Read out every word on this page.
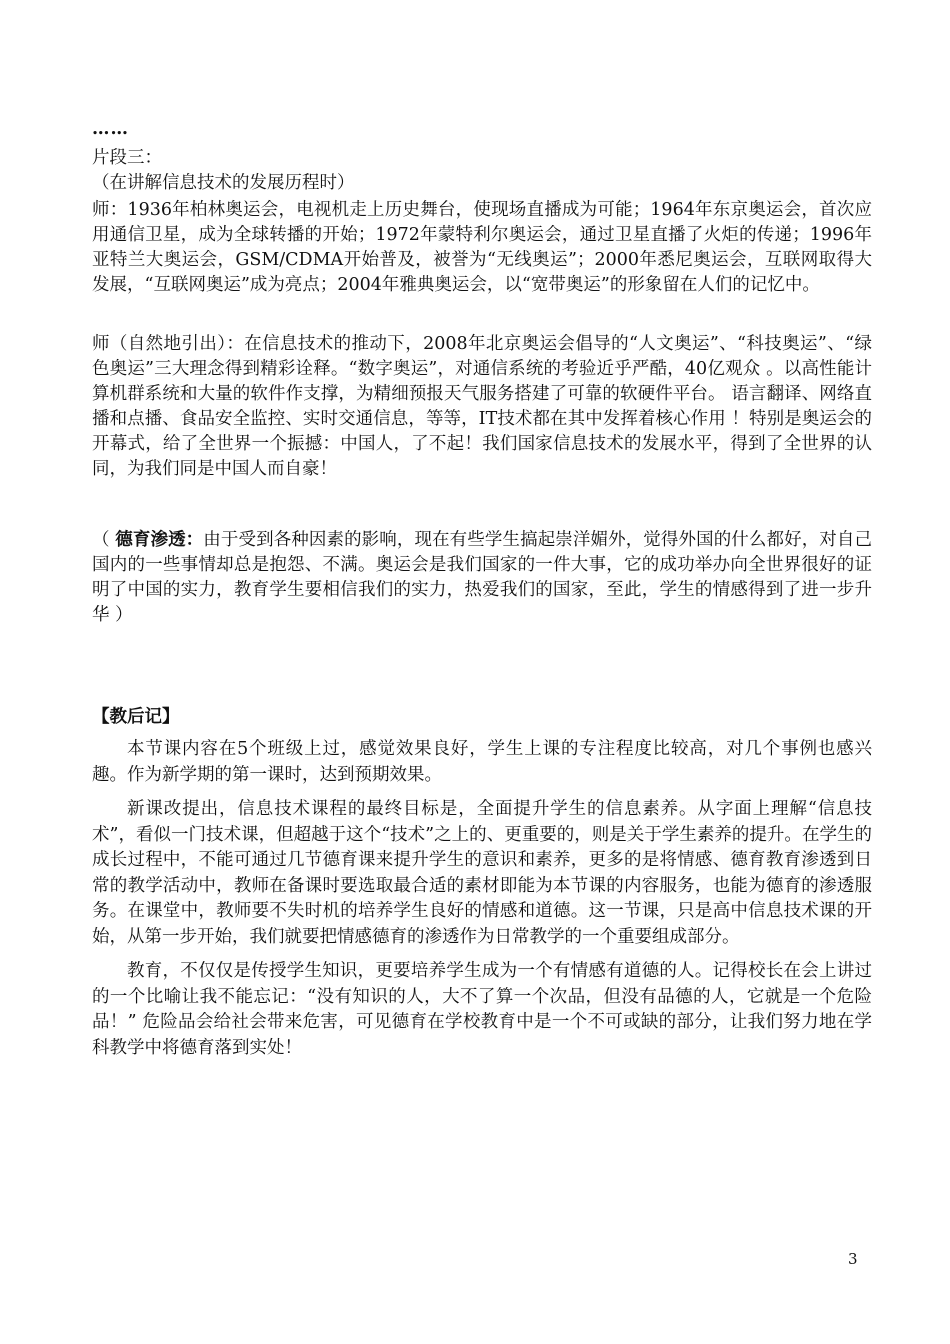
……

片段三：

（在讲解信息技术的发展历程时）

师：1936年柏林奥运会，电视机走上历史舞台，使现场直播成为可能；1964年东京奥运会，首次应用通信卫星，成为全球转播的开始；1972年蒙特利尔奥运会，通过卫星直播了火炬的传递；1996年亚特兰大奥运会，GSM/CDMA开始普及，被誉为“无线奥运”；2000年悉尼奥运会，互联网取得大发展，“互联网奥运”成为亮点；2004年雅典奥运会，以“宽带奥运”的形象留在人们的记忆中。

师（自然地引出）：在信息技术的推动下，2008年北京奥运会倡导的“人文奥运”、“科技奥运”、“绿色奥运”三大理念得到精彩诠释。“数字奥运”，对通信系统的考验近乎严酷，40亿观众 。以高性能计算机群系统和大量的软件作支撑，为精细预报天气服务搭建了可靠的软硬件平台。 语言翻译、网络直播和点播、食品安全监控、实时交通信息，等等，IT技术都在其中发挥着核心作用 ！特别是奥运会的开幕式，给了全世界一个振撼：中国人，了不起！我们国家信息技术的发展水平，得到了全世界的认同，为我们同是中国人而自豪！

（ 德育渗透：由于受到各种因素的影响，现在有些学生搞起崇洋媚外，觉得外国的什么都好，对自己国内的一些事情却总是抱怨、不满。奥运会是我们国家的一件大事，它的成功举办向全世界很好的证明了中国的实力，教育学生要相信我们的实力，热爱我们的国家，至此，学生的情感得到了进一步升华 ）

【教后记】

本节课内容在5个班级上过，感觉效果良好，学生上课的专注程度比较高，对几个事例也感兴趣。作为新学期的第一课时，达到预期效果。

新课改提出，信息技术课程的最终目标是，全面提升学生的信息素养。从字面上理解“信息技术”，看似一门技术课，但超越于这个“技术”之上的、更重要的，则是关于学生素养的提升。在学生的成长过程中，不能可通过几节德育课来提升学生的意识和素养，更多的是将情感、德育教育渗透到日常的教学活动中，教师在备课时要选取最合适的素材即能为本节课的内容服务，也能为德育的渗透服务。在课堂中，教师要不失时机的培养学生良好的情感和道德。这一节课，只是高中信息技术课的开始，从第一步开始，我们就要把情感德育的渗透作为日常教学的一个重要组成部分。

教育，不仅仅是传授学生知识，更要培养学生成为一个有情感有道德的人。记得校长在会上讲过的一个比喻让我不能忘记：“没有知识的人，大不了算一个次品，但没有品德的人，它就是一个危险品！” 危险品会给社会带来危害，可见德育在学校教育中是一个不可或缺的部分，让我们努力地在学科教学中将德育落到实处！

3
